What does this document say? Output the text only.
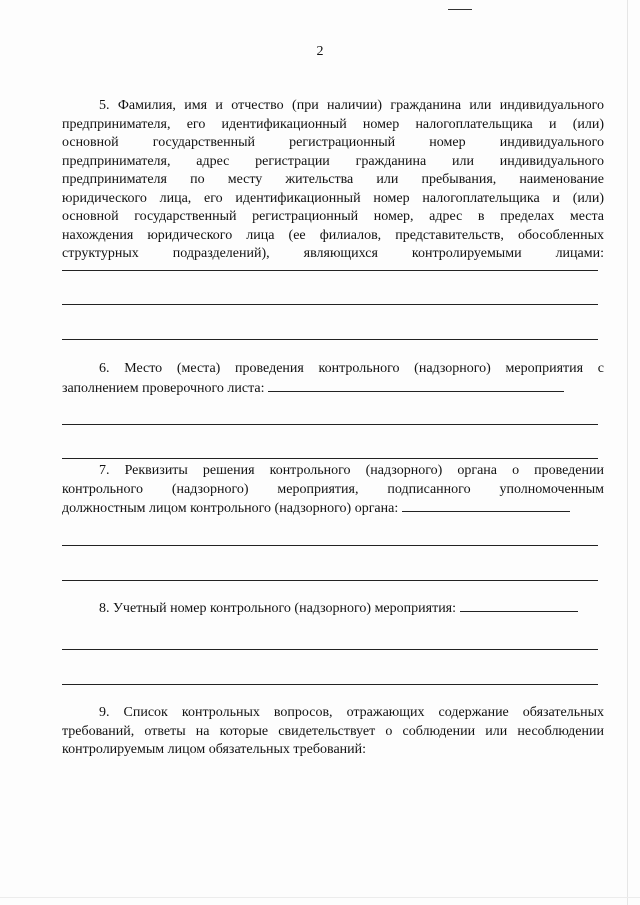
2
5. Фамилия, имя и отчество (при наличии) гражданина или индивидуального
предпринимателя, его идентификационный номер налогоплательщика и (или)
основной государственный регистрационный номер индивидуального
предпринимателя, адрес регистрации гражданина или индивидуального
предпринимателя по месту жительства или пребывания, наименование
юридического лица, его идентификационный номер налогоплательщика и (или)
основной государственный регистрационный номер, адрес в пределах места
нахождения юридического лица (ее филиалов, представительств, обособленных
структурных подразделений), являющихся контролируемыми лицами:
6. Место (места) проведения контрольного (надзорного) мероприятия с
заполнением проверочного листа:
7. Реквизиты решения контрольного (надзорного) органа о проведении
контрольного (надзорного) мероприятия, подписанного уполномоченным
должностным лицом контрольного (надзорного) органа:
8. Учетный номер контрольного (надзорного) мероприятия:
9. Список контрольных вопросов, отражающих содержание обязательных
требований, ответы на которые свидетельствует о соблюдении или несоблюдении
контролируемым лицом обязательных требований:
